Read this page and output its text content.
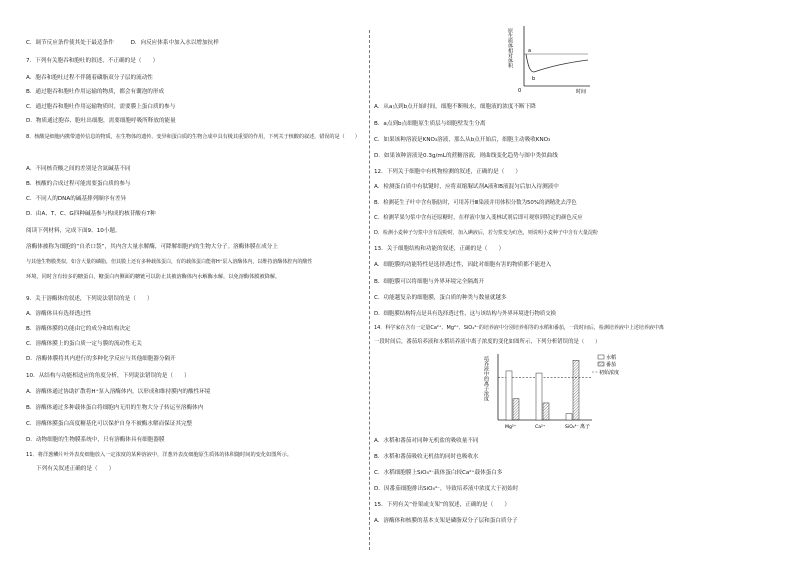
C．调节反应条件使其处于最适条件　　　D．向反应体系中加入水以增加抗样
7．下列有关胞吞和胞吐的叙述，不正确的是（　　）
A．胞吞和胞吐过程不伴随着磷脂双分子层的流动性
B．通过胞吞和胞吐作用运输的物质，都会有囊泡的形成
C．通过胞吞和胞吐作用运输物质时，需要膜上蛋白质的参与
D．物质通过胞吞、胞吐出细胞，需要细胞呼吸所释放的能量
8．核酸是细胞内携带遗传信息的物质，在生物体的遗传、变异和蛋白质的生物合成中具有极其重要的作用，下列关于核酸的叙述，错误的是（　　）
A．不同核苷酸之间的差别是含氮碱基不同
B．核酸的合成过程可能需要蛋白质的参与
C．不同人的DNA的碱基排列顺序有差异
D．由A、T、C、G四种碱基参与构成的核苷酸有7种
阅读下列材料，完成下面9、10小题。
溶酶体被称为细胞的“自杀口袋”，其内含大量水解酶，可降解细胞内的生物大分子。溶酶体膜在成分上
与其他生物膜类似，如含大量的磷脂，但其膜上还有多种载体蛋白，有的载体蛋白能将H⁺泵入溶酶体内，以维持溶酶体腔内的酸性
环境，同时含有较多的糖蛋白，糖蛋白内侧面的糖链可以防止其被溶酶体内水解酶水解，以免溶酶体膜被降解。
9．关于溶酶体的叙述，下列说法错误的是（　　）
A．溶酶体具有选择透过性
B．溶酶体膜的功能由它的成分和结构决定
C．溶酶体膜上的蛋白质一定与膜的流动性无关
D．溶酶体膜将其内进行的多种化学反应与其他细胞器分隔开
10．从结构与功能相适应的角度分析，下列说法错误的是（　　）
A．溶酶体通过协助扩散将H⁺泵入溶酶体内，以形成和维持膜内的酸性环境
B．溶酶体通过多种载体蛋白将细胞内无用的生物大分子转运至溶酶体内
C．溶酶体膜蛋白高度糖基化可以保护自身不被酶水解而保证其完整
D．动物细胞的生物膜系统中，只有溶酶体具有细胞器膜
11．将洋葱鳞片叶外表皮细胞放入一定浓度的某种溶液中，洋葱外表皮细胞原生质体的体积随时间的变化如图所示。
下列有关叙述正确的是（　　）
原生质体相对体积	a
b
0	时间
A．从a点到b点开始时间，细胞不断吸水，细胞液的浓度不断下降
B．a点到b点细胞原生质层与细胞壁发生分离
C．如果该种溶液是KNO₃溶液，那么从b点开始后，细胞主动吸收KNO₃
D．如果该种溶液是0.3g/mL的蔗糖溶液，则曲线变化趋势与图中类似曲线
12．下列关于细胞中有机物检测的叙述，正确的是（　　）
A．检测蛋白质中有肽键时，应将双缩脲试剂A液和B液混匀后加入待测液中
B．检测花生子叶中含有脂肪时，可用苏丹Ⅲ染液并用体积分数为50%的酒精洗去浮色
C．检测苹果匀浆中含有还原糖时，在样液中加入斐林试剂后即可观察到特定的颜色反应
D．检测小麦种子匀浆中含有淀粉时，加入碘液后，若匀浆变为红色，则说明小麦种子中含有大量淀粉
13．关于细胞结构和功能的叙述，正确的是（　　）
A．细胞膜的功能特性是选择透过性，因此对细胞有害的物质都不能进入
B．细胞膜可以将细胞与外界环境完全隔离开
C．功能越复杂的细胞膜，蛋白质的种类与数量就越多
D．细胞膜结构特点是具有选择透过性，这与该结构与外界环境进行物质交换
14．科学家在含有一定量Ca²⁺、Mg²⁺、SiO₄⁴⁻的培养液中分别培养相等的水稻和番茄，一段时间后，检测培养液中上述培养液中离
一段时间后，番茄培养液和水稻培养液中离子浓度的变化如图所示，下列分析错误的是（　　）
A．水稻和番茄对同种无机盐的吸收量不同
B．水稻和番茄吸收无机盐的同时也吸收水
C．水稻细胞膜上SiO₄⁴⁻载体蛋白较Ca²⁺载体蛋白多
D．因番茄细胞排出SiO₄⁴⁻，导致培养液中浓度大于初始时
15．下列有关“骨架或支架”的叙述，正确的是（　　）
A．溶酶体和核膜的基本支架是磷脂双分子层和蛋白质分子
培养液中的离子浓度
Mg²⁺	Ca²⁺	SiO₄⁴⁻ 离子
水稻
番茄
初始浓度
